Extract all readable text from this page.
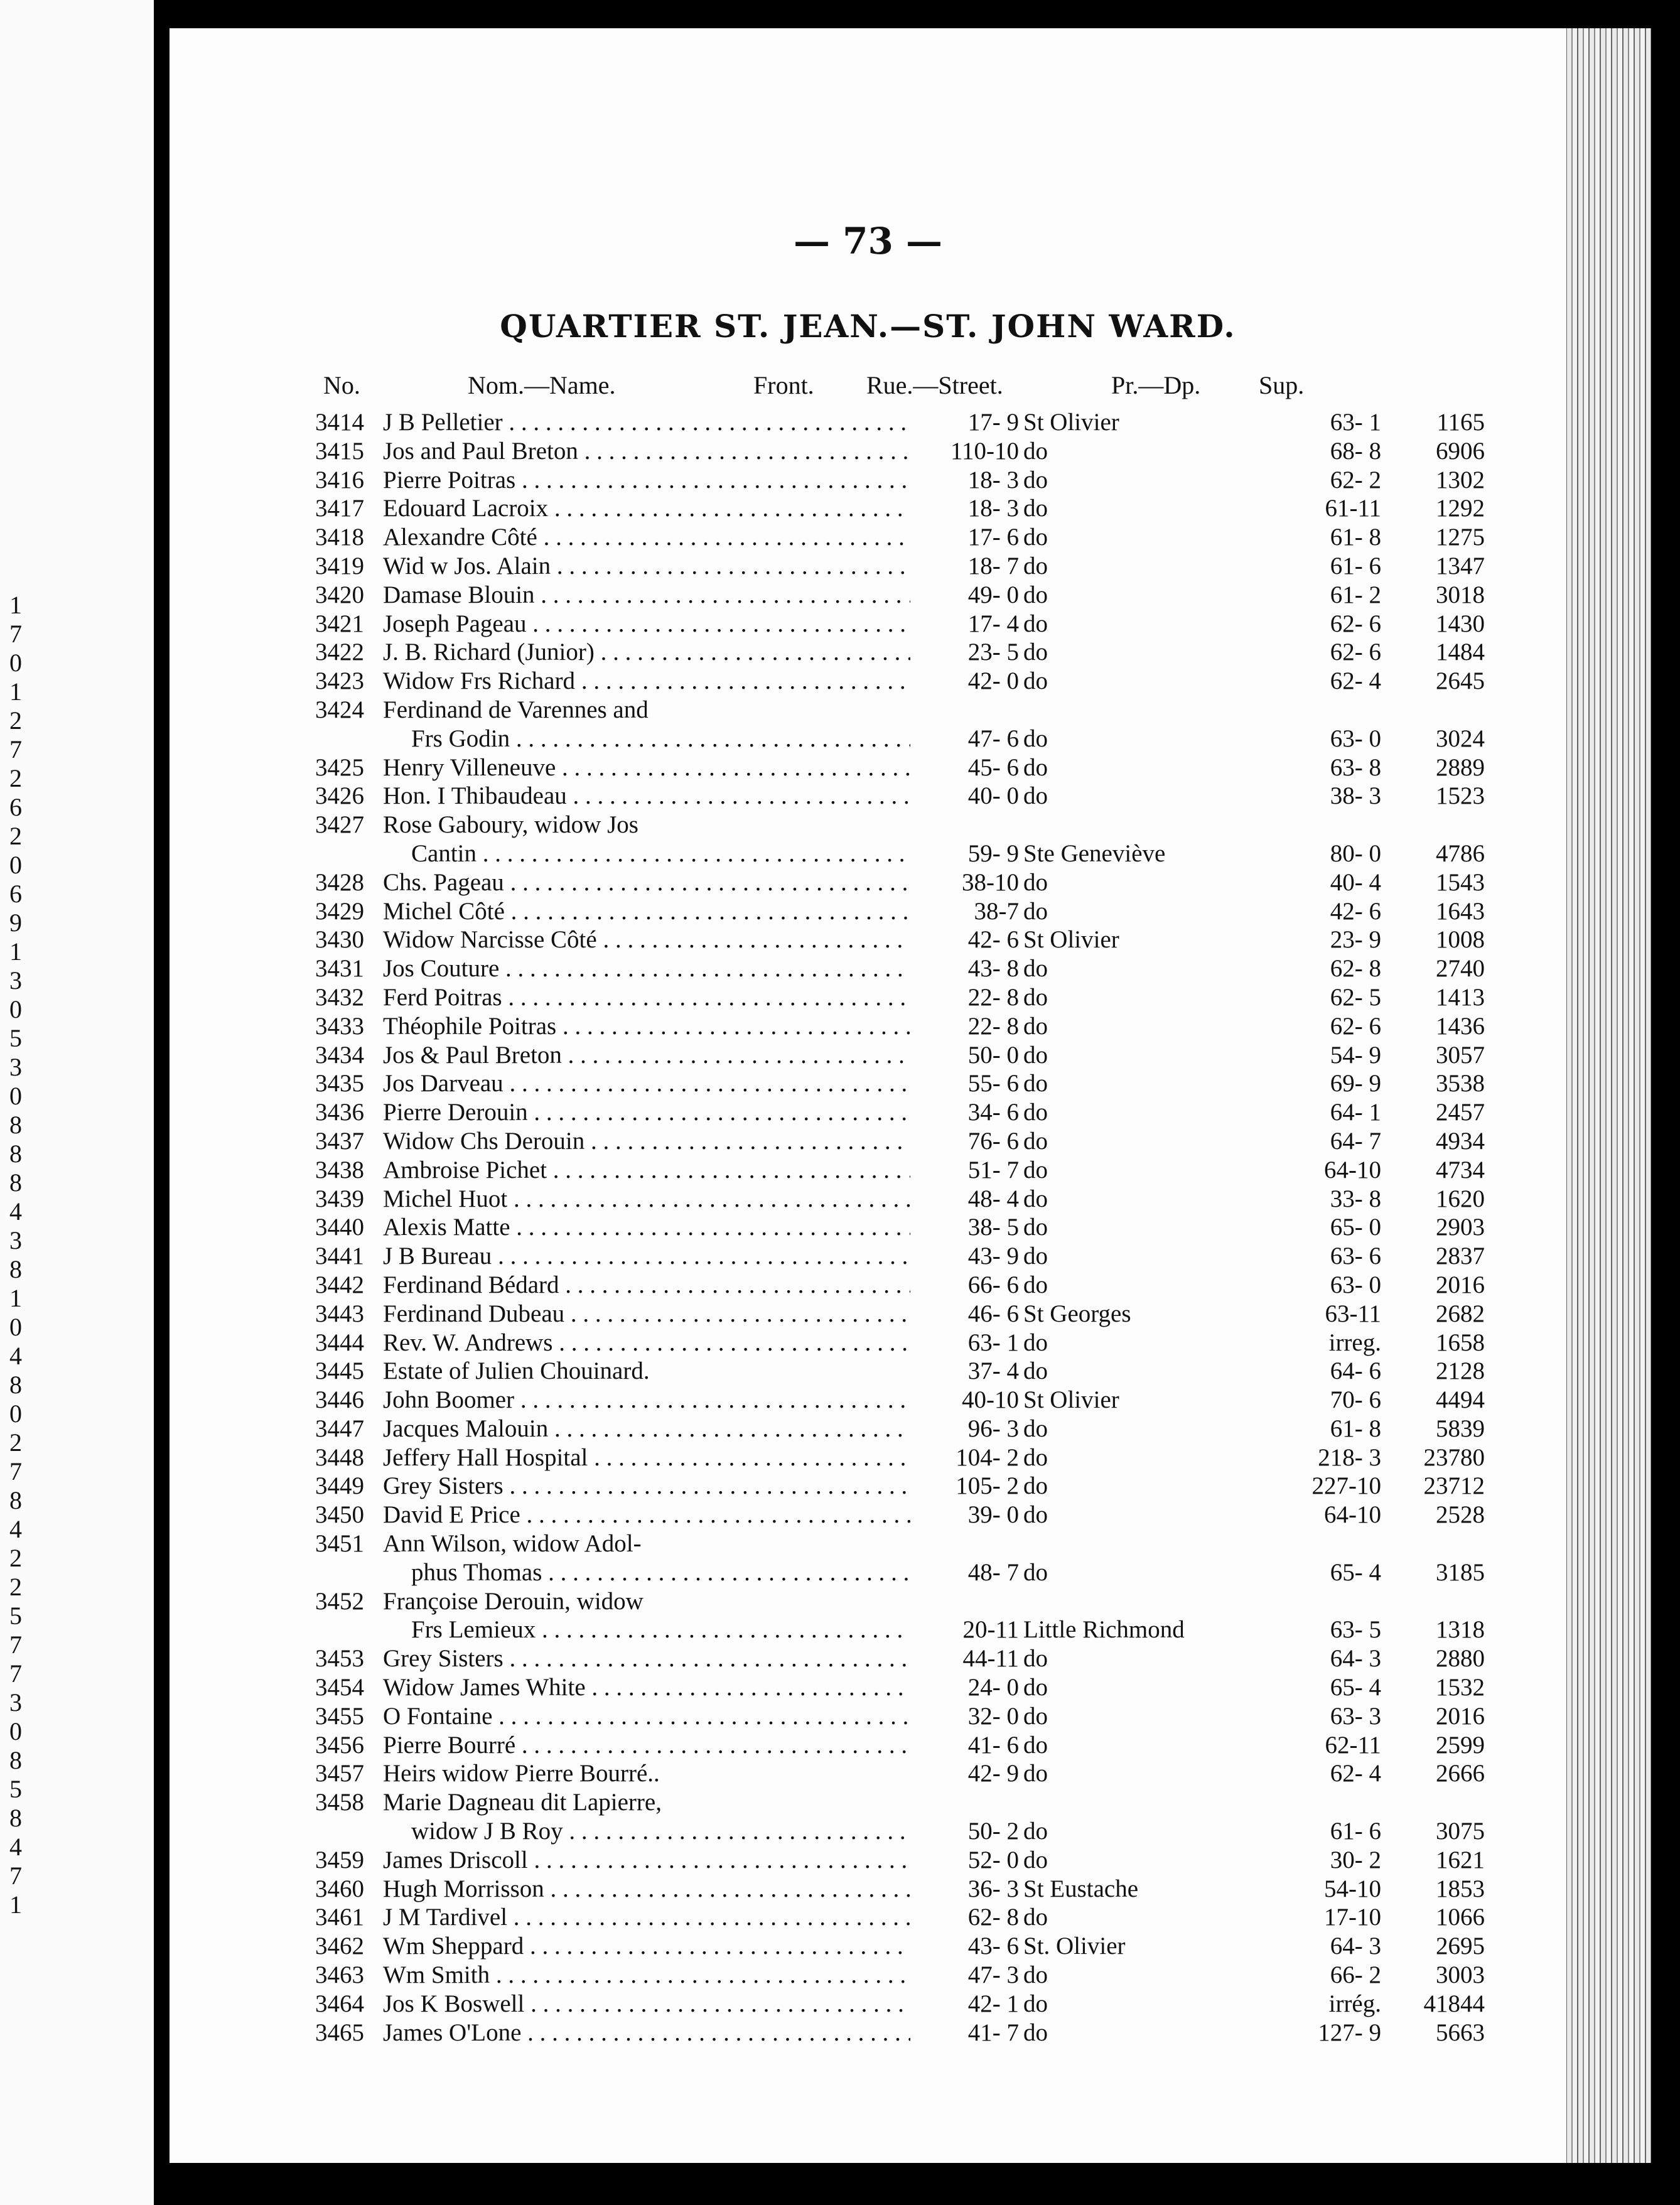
1
7
0
1
2
7
2
6
2
0
6
9
1
3
0
5
3
0
8
8
8
4
3
8
1
0
4
8
0
2
7
8
4
2
2
5
7
7
3
0
8
5
8
4
7
1
— 73 —
QUARTIER ST. JEAN.—ST. JOHN WARD.
No.	Nom.—Name.	Front. Rue.—Street.	Pr.—Dp. Sup.
3414 J B Pelletier . . .	17- 9 St Olivier	63- 1	1165
3415 Jos and Paul Breton . . .	110-10 do	68- 8	6906
3416 Pierre Poitras . . .	18- 3 do	62- 2	1302
3417 Edouard Lacroix . . .	18- 3 do	61-11	1292
3418 Alexandre Côté . . .	17- 6 do	61- 8	1275
3419 Wid w Jos. Alain . . .	18- 7 do	61- 6	1347
3420 Damase Blouin . . .	49- 0 do	61- 2	3018
3421 Joseph Pageau . . .	17- 4 do	62- 6	1430
3422 J. B. Richard (Junior) . . .	23- 5 do	62- 6	1484
3423 Widow Frs Richard . . .	42- 0 do	62- 4	2645
3424 Ferdinand de Varennes and
Frs Godin . . .	47- 6 do	63- 0	3024
3425 Henry Villeneuve . . .	45- 6 do	63- 8	2889
3426 Hon. I Thibaudeau . . .	40- 0 do	38- 3	1523
3427 Rose Gaboury, widow Jos
Cantin . . .	59- 9 Ste Geneviève	80- 0	4786
3428 Chs. Pageau . . .	38-10 do	40- 4	1543
3429 Michel Côté . . .	38-7 do	42- 6	1643
3430 Widow Narcisse Côté . . .	42- 6 St Olivier	23- 9	1008
3431 Jos Couture . . .	43- 8 do	62- 8	2740
3432 Ferd Poitras . . .	22- 8 do	62- 5	1413
3433 Théophile Poitras . . .	22- 8 do	62- 6	1436
3434 Jos & Paul Breton . . .	50- 0 do	54- 9	3057
3435 Jos Darveau . . .	55- 6 do	69- 9	3538
3436 Pierre Derouin . . .	34- 6 do	64- 1	2457
3437 Widow Chs Derouin . . .	76- 6 do	64- 7	4934
3438 Ambroise Pichet . . .	51- 7 do	64-10	4734
3439 Michel Huot . . .	48- 4 do	33- 8	1620
3440 Alexis Matte . . .	38- 5 do	65- 0	2903
3441 J B Bureau . . .	43- 9 do	63- 6	2837
3442 Ferdinand Bédard . . .	66- 6 do	63- 0	2016
3443 Ferdinand Dubeau . . .	46- 6 St Georges	63-11	2682
3444 Rev. W. Andrews . . .	63- 1 do	irreg.	1658
3445 Estate of Julien Chouinard.	37- 4 do	64- 6	2128
3446 John Boomer . . .	40-10 St Olivier	70- 6	4494
3447 Jacques Malouin . . .	96- 3 do	61- 8	5839
3448 Jeffery Hall Hospital . . .	104- 2 do	218- 3	23780
3449 Grey Sisters . . .	105- 2 do	227-10	23712
3450 David E Price . . .	39- 0 do	64-10	2528
3451 Ann Wilson, widow Adol-
phus Thomas . . .	48- 7 do	65- 4	3185
3452 Françoise Derouin, widow
Frs Lemieux . . .	20-11 Little Richmond	63- 5	1318
3453 Grey Sisters . . .	44-11 do	64- 3	2880
3454 Widow James White . . .	24- 0 do	65- 4	1532
3455 O Fontaine . . .	32- 0 do	63- 3	2016
3456 Pierre Bourré . . .	41- 6 do	62-11	2599
3457 Heirs widow Pierre Bourré..	42- 9 do	62- 4	2666
3458 Marie Dagneau dit Lapierre,
widow J B Roy . . .	50- 2 do	61- 6	3075
3459 James Driscoll . . .	52- 0 do	30- 2	1621
3460 Hugh Morrisson . . .	36- 3 St Eustache	54-10	1853
3461 J M Tardivel . . .	62- 8 do	17-10	1066
3462 Wm Sheppard . . .	43- 6 St. Olivier	64- 3	2695
3463 Wm Smith . . .	47- 3 do	66- 2	3003
3464 Jos K Boswell . . .	42- 1 do	irrég.	41844
3465 James O'Lone . . .	41- 7 do	127- 9	5663
